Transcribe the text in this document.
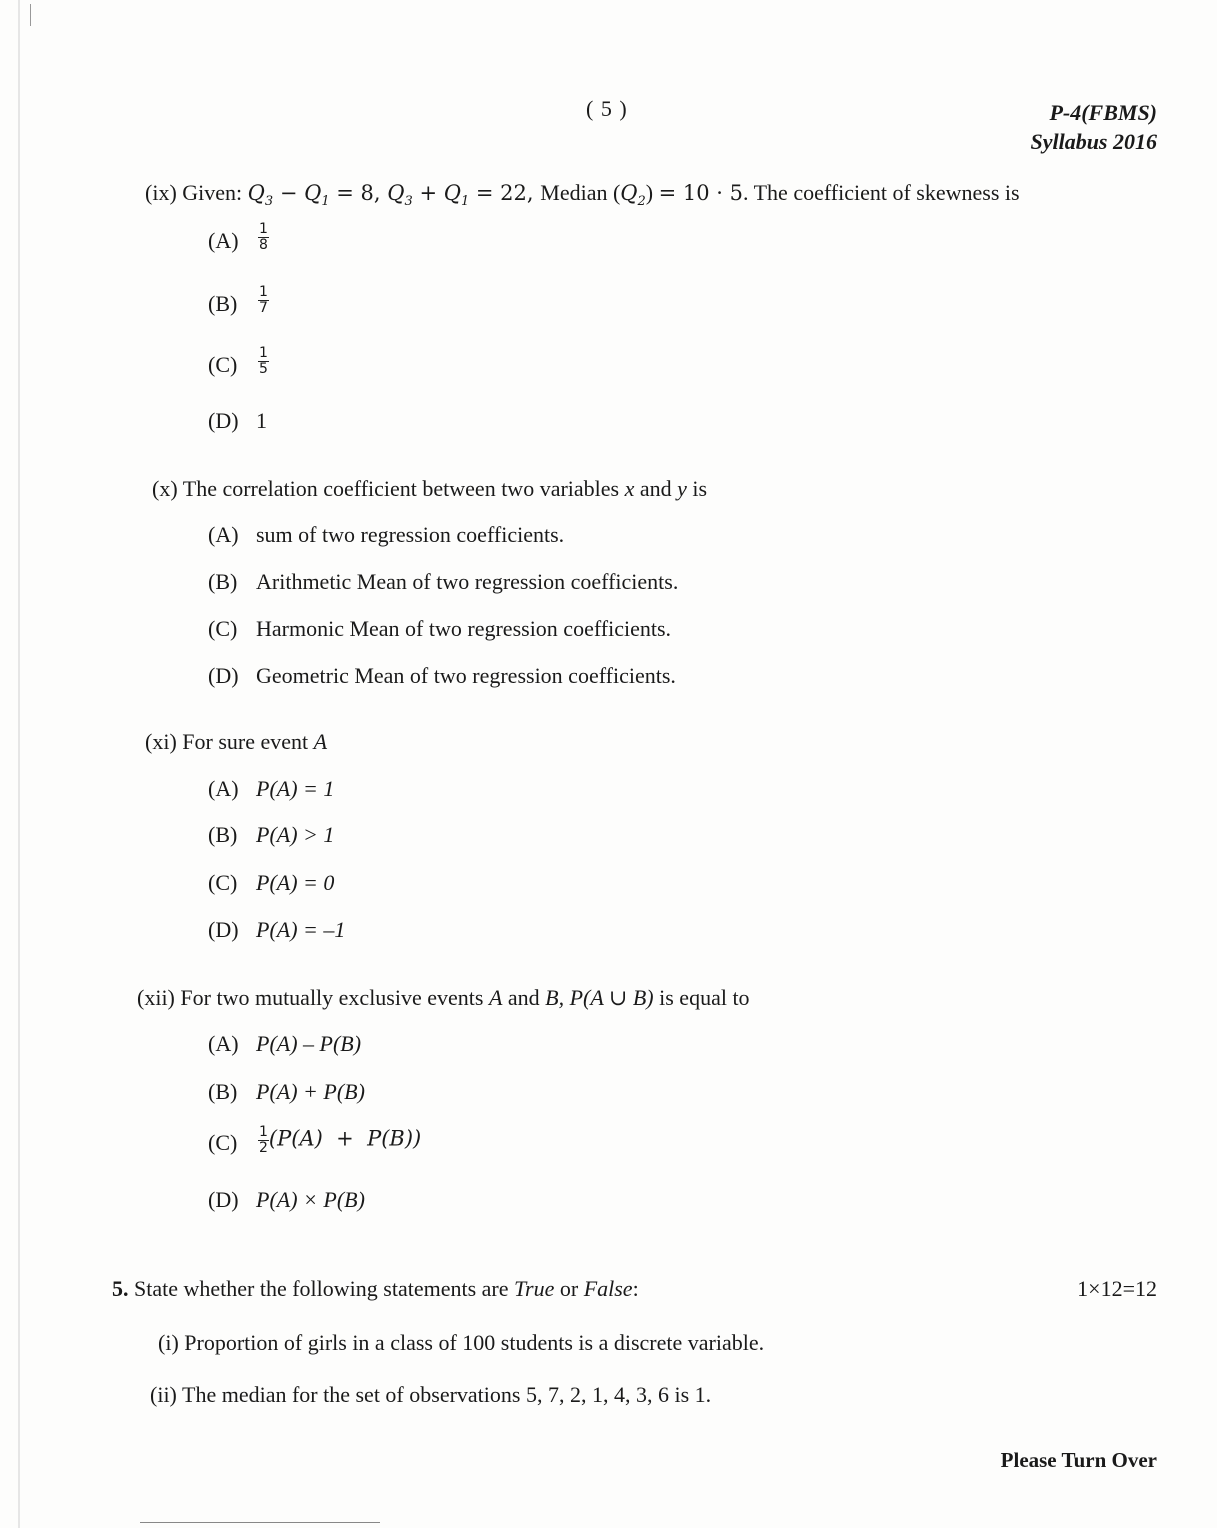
( 5 )	P-4(FBMS)
Syllabus 2016
(ix) Given: $Q_3 - Q_1 = 8$, $Q_3 + Q_1 = 22$, Median $(Q_2) = 10 \cdot 5$. The coefficient of skewness is
$(A) \frac{1}{8}$
$(B) \frac{1}{7}$
$(C) \frac{1}{5}$
(D) 1
(x) The correlation coefficient between two variables x and y is
(A) sum of two regression coefficients.
(B) Arithmetic Mean of two regression coefficients.
(C) Harmonic Mean of two regression coefficients.
(D) Geometric Mean of two regression coefficients.
(xi) For sure event A
(A) P(A) = 1
(B) P(A) > 1
(C) P(A) = 0
(D) P(A) = –1
(xii) For two mutually exclusive events A and B, P(A ∪ B) is equal to
(A) P(A) – P(B)
(B) P(A) + P(B)
$(C) \frac{1}{2} (P(A) + P(B))$
(D) P(A) × P(B)
5. State whether the following statements are True or False:	1×12=12
(i) Proportion of girls in a class of 100 students is a discrete variable.
(ii) The median for the set of observations 5, 7, 2, 1, 4, 3, 6 is 1.
Please Turn Over
